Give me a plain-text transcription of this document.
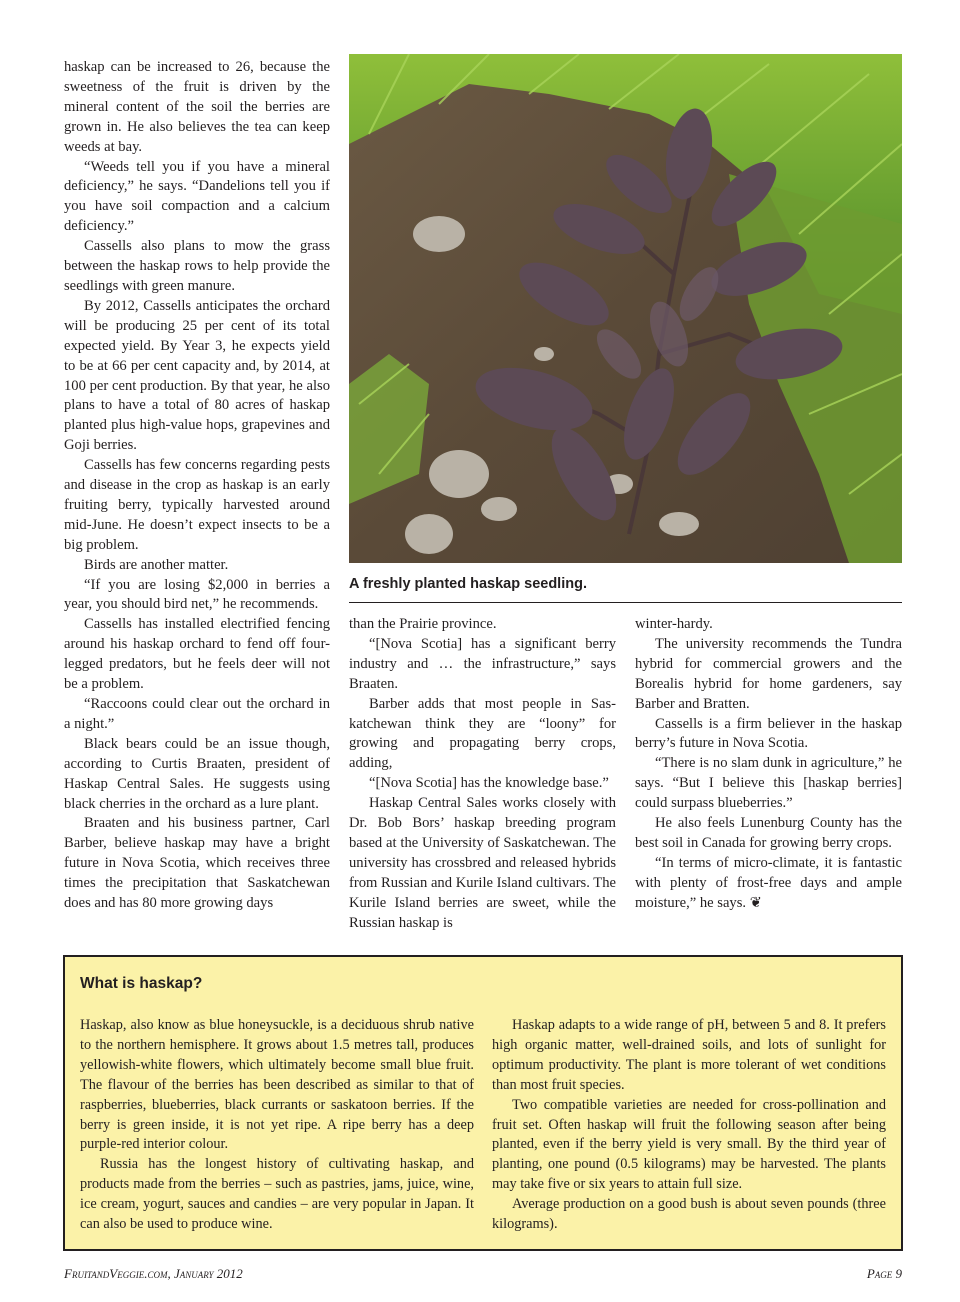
haskap can be increased to 26, because the sweetness of the fruit is driven by the mineral content of the soil the berries are grown in. He also believes the tea can keep weeds at bay.

“Weeds tell you if you have a mineral deficiency,” he says. “Dandelions tell you if you have soil compaction and a calcium deficiency.”

Cassells also plans to mow the grass between the haskap rows to help provide the seedlings with green manure.

By 2012, Cassells anticipates the orchard will be producing 25 per cent of its total expected yield. By Year 3, he expects yield to be at 66 per cent capacity and, by 2014, at 100 per cent production. By that year, he also plans to have a total of 80 acres of haskap planted plus high-value hops, grapevines and Goji berries.

Cassells has few concerns regarding pests and disease in the crop as haskap is an early fruiting berry, typically harvested around mid-June. He doesn’t expect insects to be a big problem.

Birds are another matter.

“If you are losing $2,000 in berries a year, you should bird net,” he recommends.

Cassells has installed electrified fencing around his haskap orchard to fend off four-legged predators, but he feels deer will not be a problem.

“Raccoons could clear out the orchard in a night.”

Black bears could be an issue though, according to Curtis Braaten, president of Haskap Central Sales. He suggests using black cherries in the orchard as a lure plant.

Braaten and his business partner, Carl Barber, believe haskap may have a bright future in Nova Scotia, which receives three times the precipitation that Saskatchewan does and has 80 more growing days

A freshly planted haskap seedling.

than the Prairie province.

“[Nova Scotia] has a significant berry industry and … the infrastructure,” says Braaten.

Barber adds that most people in Saskatchewan think they are “loony” for growing and propagating berry crops, adding,

“[Nova Scotia] has the knowledge base.”

Haskap Central Sales works closely with Dr. Bob Bors’ haskap breeding program based at the University of Saskatchewan. The university has crossbred and released hybrids from Russian and Kurile Island cultivars. The Kurile Island berries are sweet, while the Russian haskap is

winter-hardy.

The university recommends the Tundra hybrid for commercial growers and the Borealis hybrid for home gardeners, say Barber and Bratten.

Cassells is a firm believer in the haskap berry’s future in Nova Scotia.

“There is no slam dunk in agriculture,” he says. “But I believe this [haskap berries] could surpass blueberries.”

He also feels Lunenburg County has the best soil in Canada for growing berry crops.

“In terms of micro-climate, it is fantastic with plenty of frost-free days and ample moisture,” he says. ❦

What is haskap?

Haskap, also know as blue honeysuckle, is a deciduous shrub native to the northern hemisphere. It grows about 1.5 metres tall, produces yellowish-white flowers, which ultimately become small blue fruit. The flavour of the berries has been described as similar to that of raspberries, blueberries, black currants or saskatoon berries. If the berry is green inside, it is not yet ripe. A ripe berry has a deep purple-red interior colour.

Russia has the longest history of cultivating haskap, and products made from the berries – such as pastries, jams, juice, wine, ice cream, yogurt, sauces and candies – are very popular in Japan. It can also be used to produce wine.

Haskap adapts to a wide range of pH, between 5 and 8. It prefers high organic matter, well-drained soils, and lots of sunlight for optimum productivity. The plant is more tolerant of wet conditions than most fruit species.

Two compatible varieties are needed for cross-pollination and fruit set. Often haskap will fruit the following season after being planted, even if the berry yield is very small. By the third year of planting, one pound (0.5 kilograms) may be harvested. The plants may take five or six years to attain full size.

Average production on a good bush is about seven pounds (three kilograms).

FruitandVeggie.com, January 2012	Page 9
